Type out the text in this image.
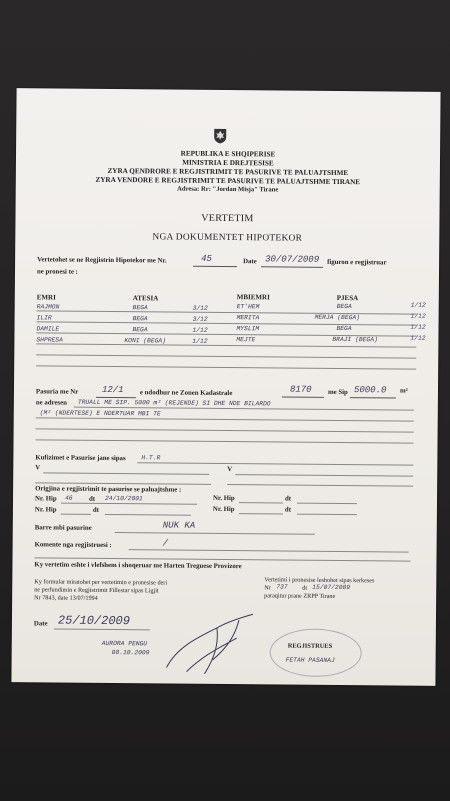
REPUBLIKA E SHQIPERISE
MINISTRIA E DREJTESISE
ZYRA QENDRORE E REGJISTRIMIT TE PASURIVE TE PALUAJTSHME
ZYRA VENDORE E REGJISTRIMIT TE PASURIVE TE PALUAJTSHME TIRANE
Adresa: Rr: "Jordan Misja" Tirane
VERTETIM
NGA DOKUMENTET HIPOTEKOR
Vertetohet se ne Regjistrin Hipotekor me Nr.	45	Date 30/07/2009 figuron e regjistruar
ne pronesi te :
EMRI	ATESIA	MBIEMRI	PJESA
RAJMON	BEGA	3/12	ET'HEM	BEGA	1/12
ILIR	BEGA	3/12	MERITA	MERJA (BEGA)	1/12
DAMILE	BEGA	1/12	MYSLIM	BEGA	1/12
SHPRESA	KONI (BEGA)	1/12	MEJTE	BRAJI (BEGA)	1/12
Pasuria me Nr	12/1 e ndodhur ne Zonen Kadastrale	8170 me Sip 5000.0 m²
ne adresen TRUALL ME SIP. 5000 m² (REJENDE) SI DHE NDE BILARDO
(M² (NDERTESE) E NDERTUAR MBI TE
Kufizimet e Pasurise jane sipas H.T.R
V	V
Origjina e regjistrimit te pasurise se paluajtshme :
Nr. Hip 46 dt 24/10/2001	Nr. Hip	dt
Nr. Hip	dt	Nr. Hip	dt
Barre mbi pasurine	NUK KA
Komente nga regjistruesi :	/
Ky vertetim eshte i vlefshem i shoqeruar me Harten Treguese Provizore
Ky formular miratohet per vertetimin e pronesise deri
ne perfundimin e Regjistrimit Fillestar sipas Ligjit
Nr 7843, date 13/07/1994
Vertetimi i pronesise leshohet sipas kerkeses
Nr 737 dt 15/07/2009
paraqitur prane ZRPP Tirane
REGJISTRUES
FETAH PASANAJ
Date 25/10/2009
AURORA PENGU
08.10.2009
